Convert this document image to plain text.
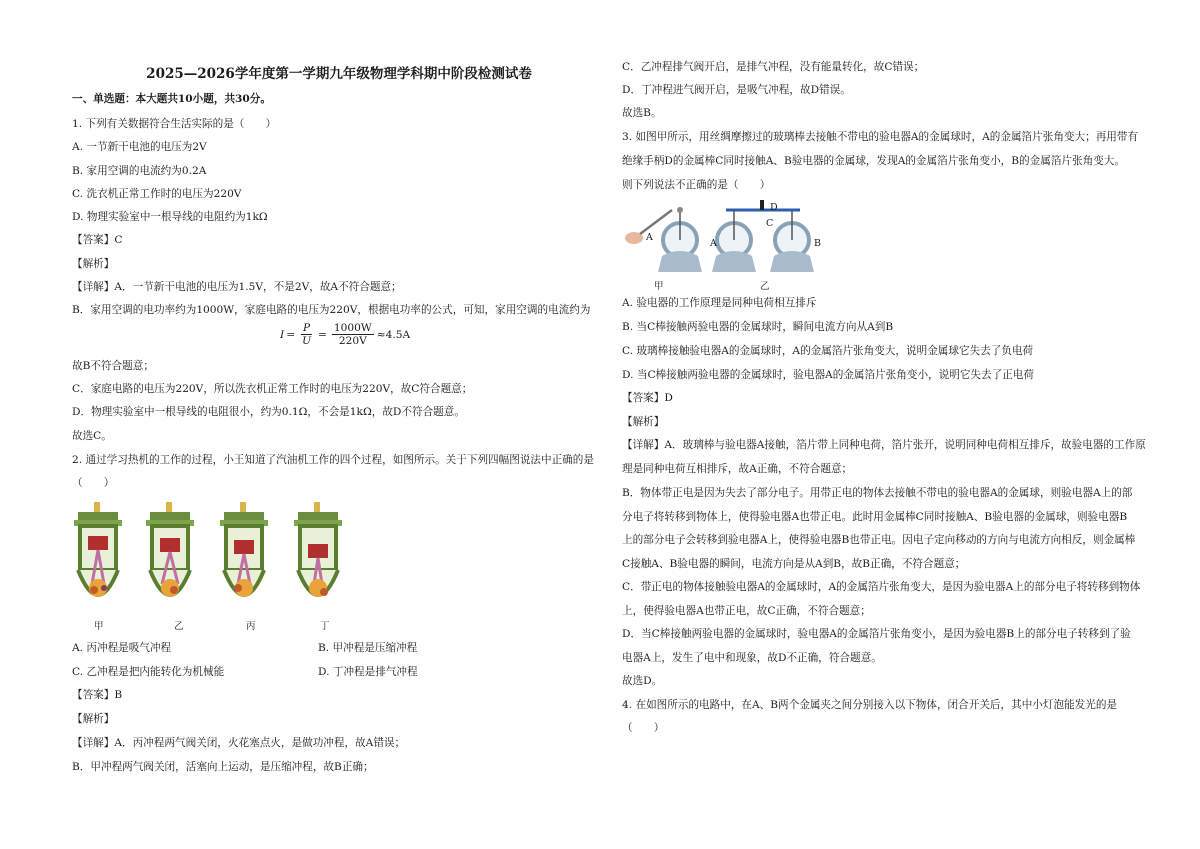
2025—2026学年度第一学期九年级物理学科期中阶段检测试卷
一、单选题：本大题共10小题，共30分。
1. 下列有关数据符合生活实际的是（　　）
A. 一节新干电池的电压为2V
B. 家用空调的电流约为0.2A
C. 洗衣机正常工作时的电压为220V
D. 物理实验室中一根导线的电阻约为1kΩ
【答案】C
【解析】
【详解】A．一节新干电池的电压为1.5V，不是2V，故A不符合题意；
B．家用空调的电功率约为1000W，家庭电路的电压为220V，根据电功率的公式，可知，家用空调的电流约为
$I = \frac{P}{U} = \frac{1000W}{220V} \approx 4.5A$
故B不符合题意；
C．家庭电路的电压为220V，所以洗衣机正常工作时的电压为220V，故C符合题意；
D．物理实验室中一根导线的电阻很小，约为0.1Ω，不会是1kΩ，故D不符合题意。
故选C。
2. 通过学习热机的工作的过程，小王知道了汽油机工作的四个过程，如图所示。关于下列四幅图说法中正确的是
（　　）
甲	乙	丙	丁
A. 丙冲程是吸气冲程	B. 甲冲程是压缩冲程
C. 乙冲程是把内能转化为机械能	D. 丁冲程是排气冲程
【答案】B
【解析】
【详解】A．丙冲程两气阀关闭，火花塞点火，是做功冲程，故A错误；
B．甲冲程两气阀关闭，活塞向上运动，是压缩冲程，故B正确；
C．乙冲程排气阀开启，是排气冲程，没有能量转化，故C错误；
D．丁冲程进气阀开启，是吸气冲程，故D错误。
故选B。
3. 如图甲所示，用丝绸摩擦过的玻璃棒去接触不带电的验电器A的金属球时，A的金属箔片张角变大；再用带有
绝缘手柄D的金属棒C同时接触A、B验电器的金属球，发现A的金属箔片张角变小，B的金属箔片张角变大。
则下列说法不正确的是（　　）
A
A	B
C
D
甲	乙
A. 验电器的工作原理是同种电荷相互排斥
B. 当C棒接触两验电器的金属球时，瞬间电流方向从A到B
C. 玻璃棒接触验电器A的金属球时，A的金属箔片张角变大，说明金属球它失去了负电荷
D. 当C棒接触两验电器的金属球时，验电器A的金属箔片张角变小，说明它失去了正电荷
【答案】D
【解析】
【详解】A．玻璃棒与验电器A接触，箔片带上同种电荷，箔片张开，说明同种电荷相互排斥，故验电器的工作原
理是同种电荷互相排斥，故A正确，不符合题意；
B．物体带正电是因为失去了部分电子。用带正电的物体去接触不带电的验电器A的金属球，则验电器A上的部
分电子将转移到物体上，使得验电器A也带正电。此时用金属棒C同时接触A、B验电器的金属球，则验电器B
上的部分电子会转移到验电器A上，使得验电器B也带正电。因电子定向移动的方向与电流方向相反，则金属棒
C接触A、B验电器的瞬间，电流方向是从A到B，故B正确，不符合题意；
C．带正电的物体接触验电器A的金属球时，A的金属箔片张角变大，是因为验电器A上的部分电子将转移到物体
上，使得验电器A也带正电，故C正确，不符合题意；
D．当C棒接触两验电器的金属球时，验电器A的金属箔片张角变小，是因为验电器B上的部分电子转移到了验
电器A上，发生了电中和现象，故D不正确，符合题意。
故选D。
4. 在如图所示的电路中，在A、B两个金属夹之间分别接入以下物体，闭合开关后，其中小灯泡能发光的是
（　　）
